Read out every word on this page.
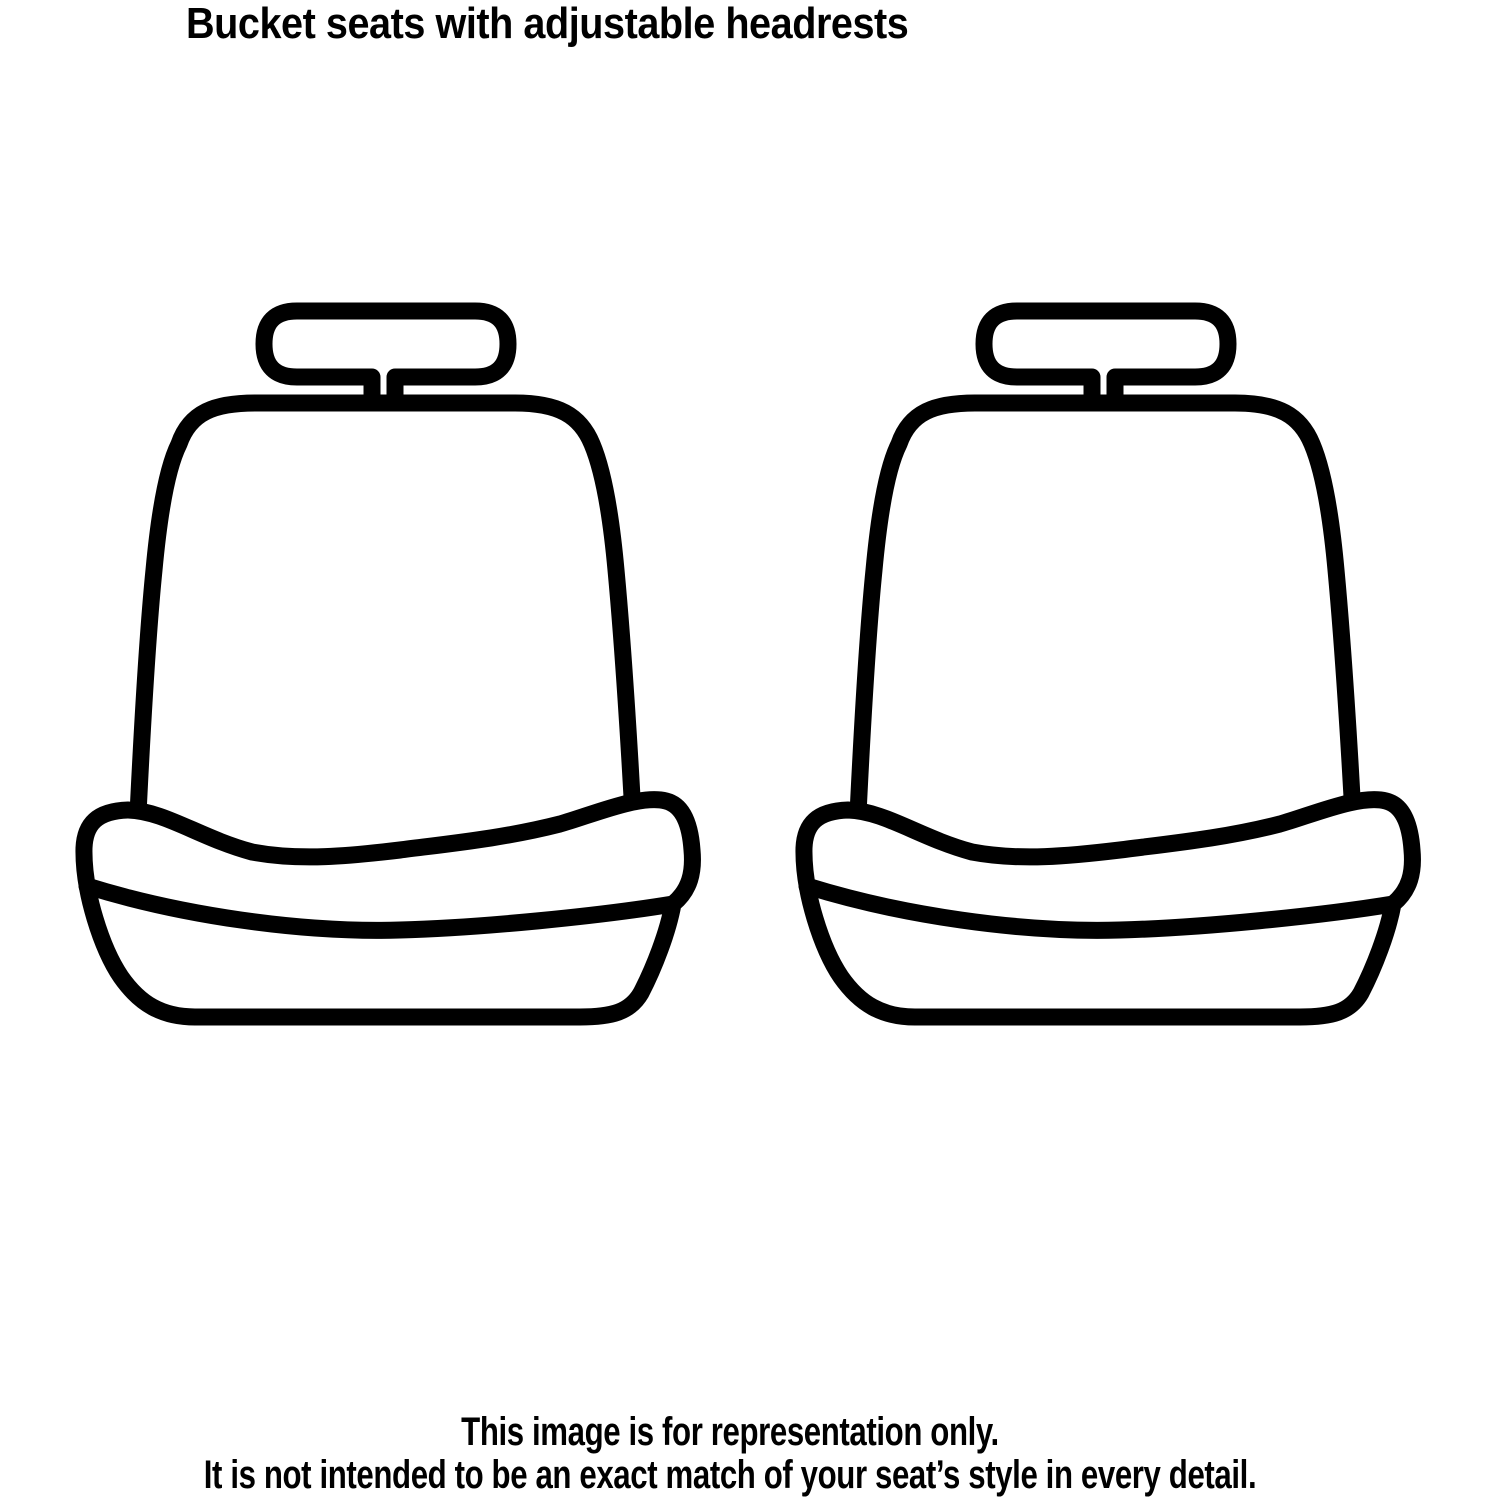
Bucket seats with adjustable headrests
This image is for representation only.
It is not intended to be an exact match of your seat’s style in every detail.
